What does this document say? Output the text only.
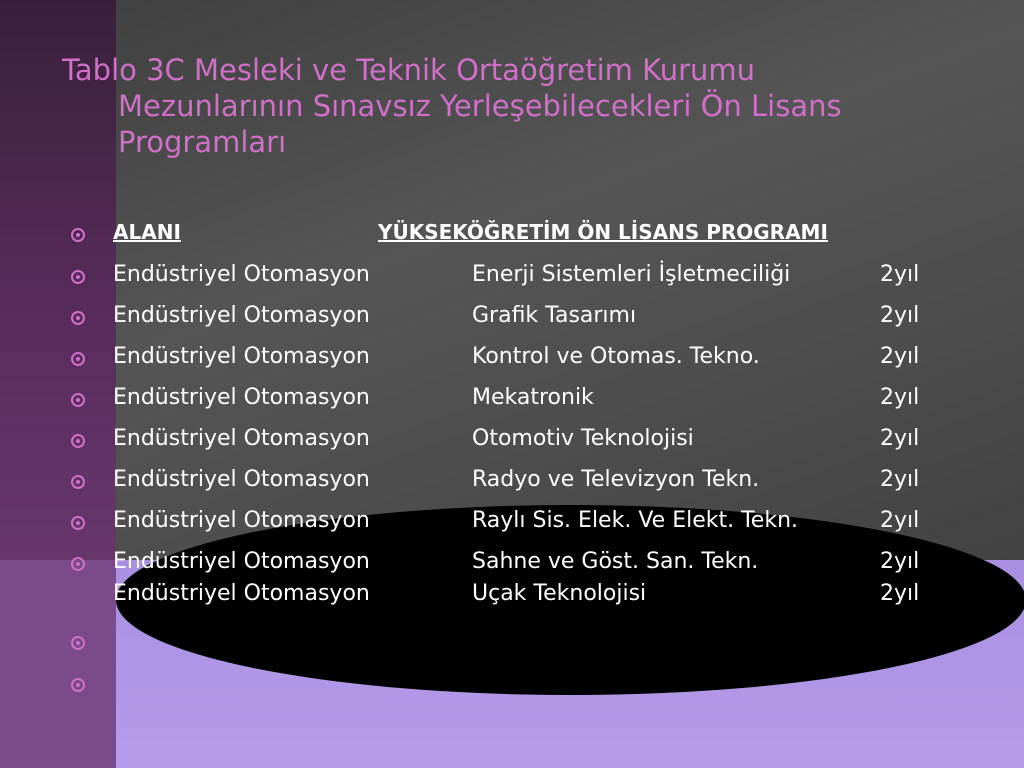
Tablo 3C Mesleki ve Teknik Ortaöğretim Kurumu
Mezunlarının Sınavsız Yerleşebilecekleri Ön Lisans
Programları
ALANI	YÜKSEKÖĞRETİM ÖN LİSANS PROGRAMI
Endüstriyel Otomasyon	Enerji Sistemleri İşletmeciliği	2yıl
Endüstriyel Otomasyon	Grafik Tasarımı	2yıl
Endüstriyel Otomasyon	Kontrol ve Otomas. Tekno.	2yıl
Endüstriyel Otomasyon	Mekatronik	2yıl
Endüstriyel Otomasyon	Otomotiv Teknolojisi	2yıl
Endüstriyel Otomasyon	Radyo ve Televizyon Tekn.	2yıl
Endüstriyel Otomasyon	Raylı Sis. Elek. Ve Elekt. Tekn.	2yıl
Endüstriyel Otomasyon	Sahne ve Göst. San. Tekn.	2yıl
Endüstriyel Otomasyon	Uçak Teknolojisi	2yıl
